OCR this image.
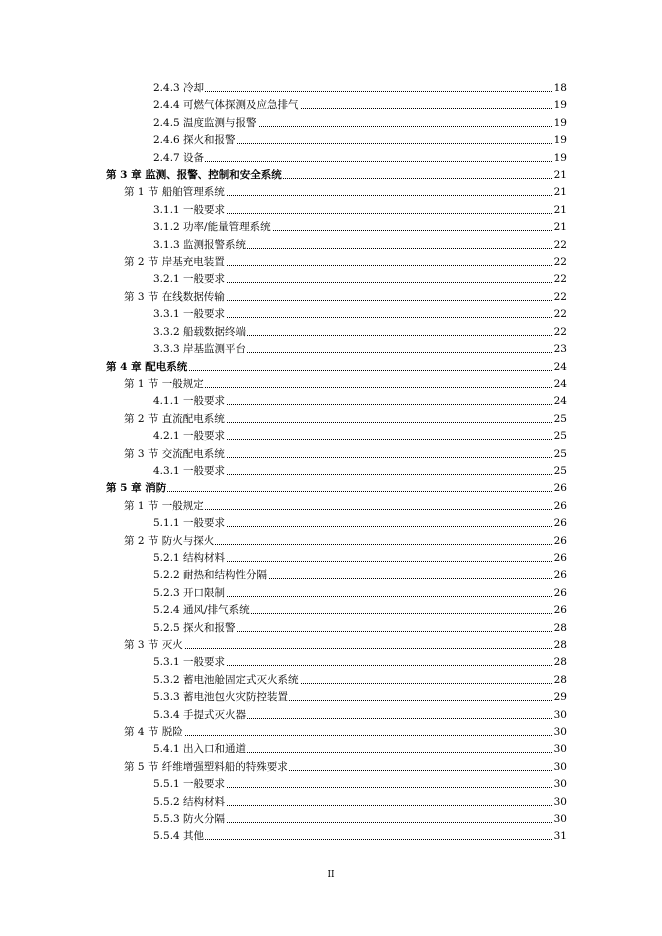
2.4.3 冷却	18
2.4.4 可燃气体探测及应急排气	19
2.4.5 温度监测与报警	19
2.4.6 探火和报警	19
2.4.7 设备	19
第 3 章 监测、报警、控制和安全系统	21
第 1 节 船舶管理系统	21
3.1.1 一般要求	21
3.1.2 功率/能量管理系统	21
3.1.3 监测报警系统	22
第 2 节 岸基充电装置	22
3.2.1 一般要求	22
第 3 节 在线数据传输	22
3.3.1 一般要求	22
3.3.2 船载数据终端	22
3.3.3 岸基监测平台	23
第 4 章 配电系统	24
第 1 节 一般规定	24
4.1.1 一般要求	24
第 2 节 直流配电系统	25
4.2.1 一般要求	25
第 3 节 交流配电系统	25
4.3.1 一般要求	25
第 5 章 消防	26
第 1 节 一般规定	26
5.1.1 一般要求	26
第 2 节 防火与探火	26
5.2.1 结构材料	26
5.2.2 耐热和结构性分隔	26
5.2.3 开口限制	26
5.2.4 通风/排气系统	26
5.2.5 探火和报警	28
第 3 节 灭火	28
5.3.1 一般要求	28
5.3.2 蓄电池舱固定式灭火系统	28
5.3.3 蓄电池包火灾防控装置	29
5.3.4 手提式灭火器	30
第 4 节 脱险	30
5.4.1 出入口和通道	30
第 5 节 纤维增强塑料船的特殊要求	30
5.5.1 一般要求	30
5.5.2 结构材料	30
5.5.3 防火分隔	30
5.5.4 其他	31
II
